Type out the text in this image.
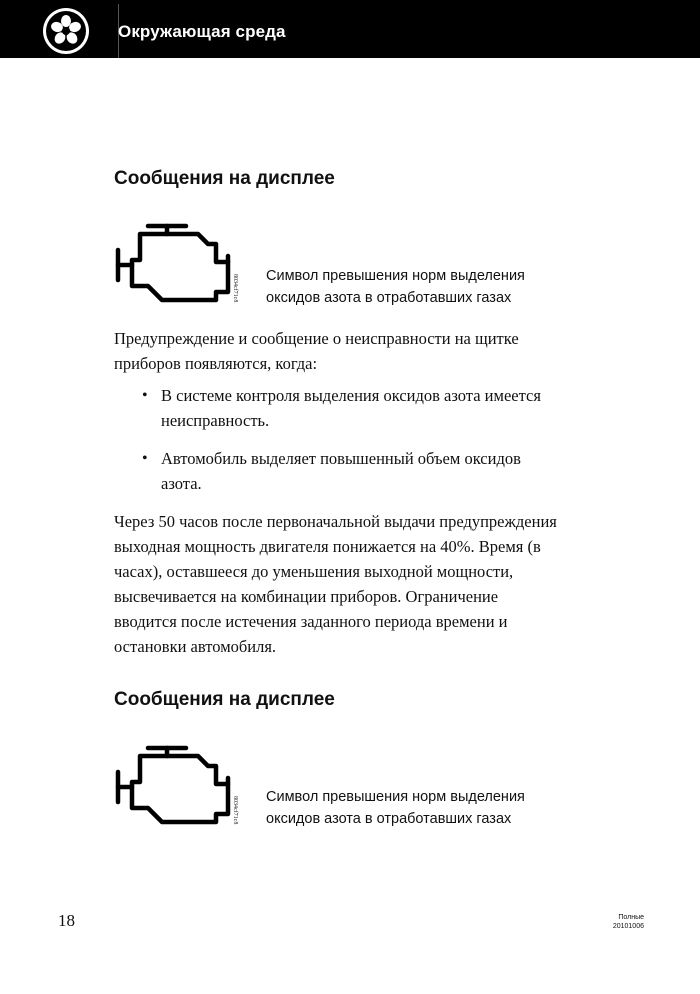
Окружающая среда
Сообщения на дисплее
8034cf71c8 Символ превышения норм выделения
оксидов азота в отработавших газах
Предупреждение и сообщение о неисправности на щитке
приборов появляются, когда:
• В системе контроля выделения оксидов азота имеется
неисправность.
• Автомобиль выделяет повышенный объем оксидов
азота.
Через 50 часов после первоначальной выдачи предупреждения
выходная мощность двигателя понижается на 40%. Время (в
часах), оставшееся до уменьшения выходной мощности,
высвечивается на комбинации приборов. Ограничение
вводится после истечения заданного периода времени и
остановки автомобиля.
Сообщения на дисплее
8034cf71c8 Символ превышения норм выделения
оксидов азота в отработавших газах
18	Полные
20101006
